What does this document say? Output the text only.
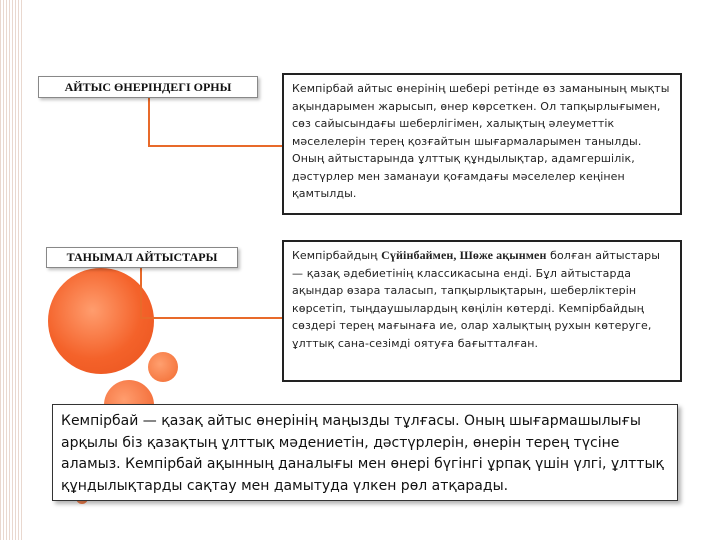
АЙТЫС ӨНЕРІНДЕГІ ОРНЫ
ТАНЫМАЛ АЙТЫСТАРЫ
Кемпірбай айтыс өнерінің шебері ретінде өз заманының мықты ақындарымен жарысып, өнер көрсеткен. Ол тапқырлығымен, сөз сайысындағы шеберлігімен, халықтың әлеуметтік мәселелерін терең қозғайтын шығармаларымен танылды. Оның айтыстарында ұлттық құндылықтар, адамгершілік, дәстүрлер мен заманауи қоғамдағы мәселелер кеңінен қамтылды.
Кемпірбайдың Сүйінбаймен, Шөже ақынмен болған айтыстары — қазақ әдебиетінің классикасына енді. Бұл айтыстарда ақындар өзара таласып, тапқырлықтарын, шеберліктерін көрсетіп, тыңдаушылардың көңілін көтерді. Кемпірбайдың сөздері терең мағынаға ие, олар халықтың рухын көтеруге, ұлттық сана-сезімді оятуға бағытталған.
Кемпірбай — қазақ айтыс өнерінің маңызды тұлғасы. Оның шығармашылығы арқылы біз қазақтың ұлттық мәдениетін, дәстүрлерін, өнерін терең түсіне аламыз. Кемпірбай ақынның даналығы мен өнері бүгінгі ұрпақ үшін үлгі, ұлттық құндылықтарды сақтау мен дамытуда үлкен рөл атқарады.
